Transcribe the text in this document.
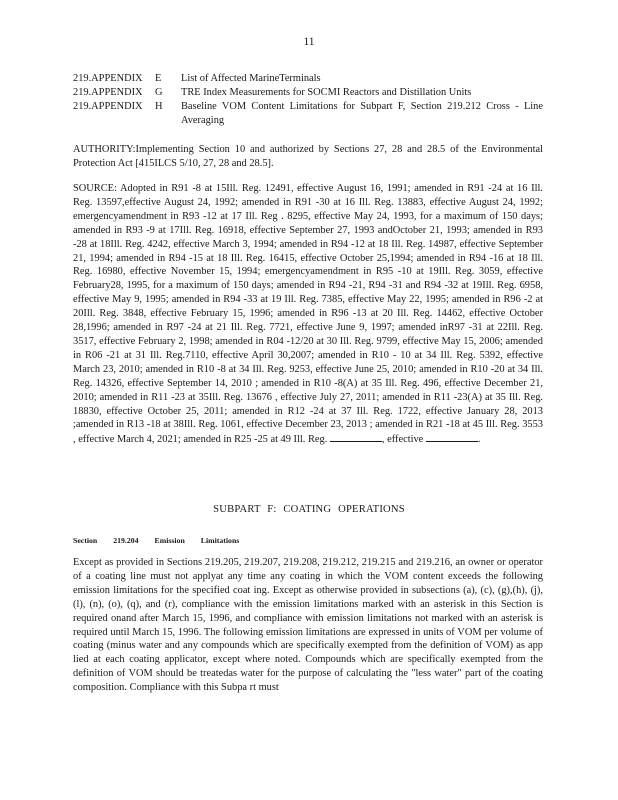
11
219.APPENDIX	E	List of Affected MarineTerminals
219.APPENDIX	G	TRE Index Measurements for SOCMI Reactors and Distillation Units
219.APPENDIX	H	Baseline VOM Content Limitations for Subpart F, Section 219.212 Cross - Line Averaging
AUTHORITY:Implementing Section 10 and authorized by Sections 27, 28 and 28.5 of the Environmental Protection Act [415ILCS 5/10, 27, 28 and 28.5].
SOURCE: Adopted in R91 -8 at 15Ill. Reg. 12491, effective August 16, 1991; amended in R91 -24 at 16 Ill. Reg. 13597,effective August 24, 1992; amended in R91 -30 at 16 Ill. Reg. 13883, effective August 24, 1992; emergencyamendment in R93 -12 at 17 Ill. Reg . 8295, effective May 24, 1993, for a maximum of 150 days; amended in R93 -9 at 17Ill. Reg. 16918, effective September 27, 1993 andOctober 21, 1993; amended in R93 -28 at 18Ill. Reg. 4242, effective March 3, 1994; amended in R94 -12 at 18 Ill. Reg. 14987, effective September 21, 1994; amended in R94 -15 at 18 Ill. Reg. 16415, effective October 25,1994; amended in R94 -16 at 18 Ill. Reg. 16980, effective November 15, 1994; emergencyamendment in R95 -10 at 19Ill. Reg. 3059, effective February28, 1995, for a maximum of 150 days; amended in R94 -21, R94 -31 and R94 -32 at 19Ill. Reg. 6958, effective May 9, 1995; amended in R94 -33 at 19 Ill. Reg. 7385, effective May 22, 1995; amended in R96 -2 at 20Ill. Reg. 3848, effective February 15, 1996; amended in R96 -13 at 20 Ill. Reg. 14462, effective October 28,1996; amended in R97 -24 at 21 Ill. Reg. 7721, effective June 9, 1997; amended inR97 -31 at 22Ill. Reg. 3517, effective February 2, 1998; amended in R04 -12/20 at 30 Ill. Reg. 9799, effective May 15, 2006; amended in R06 -21 at 31 Ill. Reg.7110, effective April 30,2007; amended in R10 - 10 at 34 Ill. Reg. 5392, effective March 23, 2010; amended in R10 -8 at 34 Ill. Reg. 9253, effective June 25, 2010; amended in R10 -20 at 34 Ill. Reg. 14326, effective September 14, 2010 ; amended in R10 -8(A) at 35 Ill. Reg. 496, effective December 21, 2010; amended in R11 -23 at 35Ill. Reg. 13676 , effective July 27, 2011; amended in R11 -23(A) at 35 Ill. Reg. 18830, effective October 25, 2011; amended in R12 -24 at 37 Ill. Reg. 1722, effective January 28, 2013 ;amended in R13 -18 at 38Ill. Reg. 1061, effective December 23, 2013 ; amended in R21 -18 at 45 Ill. Reg. 3553 , effective March 4, 2021; amended in R25 -25 at 49 Ill. Reg.	, effective	.
SUBPART F: COATING OPERATIONS
Section 219.204 Emission Limitations
Except as provided in Sections 219.205, 219.207, 219.208, 219.212, 219.215 and 219.216, an owner or operator of a coating line must not applyat any time any coating in which the VOM content exceeds the following emission limitations for the specified coat ing. Except as otherwise provided in subsections (a), (c), (g),(h), (j),(l), (n), (o), (q), and (r), compliance with the emission limitations marked with an asterisk in this Section is required onand after March 15, 1996, and compliance with emission limitations not marked with an asterisk is required until March 15, 1996. The following emission limitations are expressed in units of VOM per volume of coating (minus water and any compounds which are specifically exempted from the definition of VOM) as app lied at each coating applicator, except where noted. Compounds which are specifically exempted from the definition of VOM should be treatedas water for the purpose of calculating the "less water" part of the coating composition. Compliance with this Subpa rt must
